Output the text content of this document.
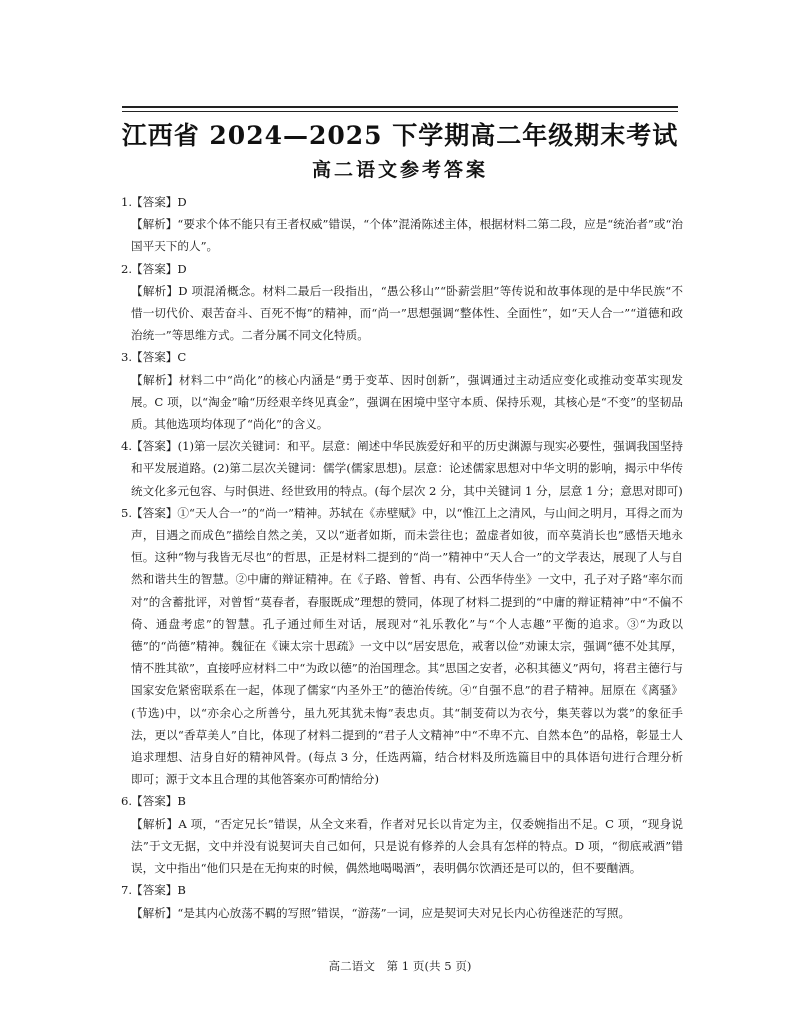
江西省 2024—2025 下学期高二年级期末考试
高二语文参考答案
1.
【答案】D
【解析】“要求个体不能只有王者权威”错误，“个体”混淆陈述主体，根据材料二第二段，应是“统治者”或“治国平天下的人”。
2.
【答案】D
【解析】D 项混淆概念。材料二最后一段指出，“愚公移山”“卧薪尝胆”等传说和故事体现的是中华民族“不惜一切代价、艰苦奋斗、百死不悔”的精神，而“尚一”思想强调“整体性、全面性”，如“天人合一”“道德和政治统一”等思维方式。二者分属不同文化特质。
3.
【答案】C
【解析】材料二中“尚化”的核心内涵是“勇于变革、因时创新”，强调通过主动适应变化或推动变革实现发展。C 项，以“淘金”喻“历经艰辛终见真金”，强调在困境中坚守本质、保持乐观，其核心是“不变”的坚韧品质。其他选项均体现了“尚化”的含义。
4.
【答案】(1)第一层次关键词：和平。层意：阐述中华民族爱好和平的历史渊源与现实必要性，强调我国坚持和平发展道路。(2)第二层次关键词：儒学(儒家思想)。层意：论述儒家思想对中华文明的影响，揭示中华传统文化多元包容、与时俱进、经世致用的特点。(每个层次 2 分，其中关键词 1 分，层意 1 分；意思对即可)
5.
【答案】①“天人合一”的“尚一”精神。苏轼在《赤壁赋》中，以“惟江上之清风，与山间之明月，耳得之而为声，目遇之而成色”描绘自然之美，又以“逝者如斯，而未尝往也；盈虚者如彼，而卒莫消长也”感悟天地永恒。这种“物与我皆无尽也”的哲思，正是材料二提到的“尚一”精神中“天人合一”的文学表达，展现了人与自然和谐共生的智慧。②中庸的辩证精神。在《子路、曾皙、冉有、公西华侍坐》一文中，孔子对子路“率尔而对”的含蓄批评，对曾皙“莫春者，春服既成”理想的赞同，体现了材料二提到的“中庸的辩证精神”中“不偏不倚、通盘考虑”的智慧。孔子通过师生对话，展现对“礼乐教化”与“个人志趣”平衡的追求。③“为政以德”的“尚德”精神。魏征在《谏太宗十思疏》一文中以“居安思危，戒奢以俭”劝谏太宗，强调“德不处其厚，情不胜其欲”，直接呼应材料二中“为政以德”的治国理念。其“思国之安者，必积其德义”两句，将君主德行与国家安危紧密联系在一起，体现了儒家“内圣外王”的德治传统。④“自强不息”的君子精神。屈原在《离骚》(节选)中，以“亦余心之所善兮，虽九死其犹未悔”表忠贞。其“制芰荷以为衣兮，集芙蓉以为裳”的象征手法，更以“香草美人”自比，体现了材料二提到的“君子人文精神”中“不卑不亢、自然本色”的品格，彰显士人追求理想、洁身自好的精神风骨。(每点 3 分，任选两篇，结合材料及所选篇目中的具体语句进行合理分析即可；源于文本且合理的其他答案亦可酌情给分)
6.
【答案】B
【解析】A 项，“否定兄长”错误，从全文来看，作者对兄长以肯定为主，仅委婉指出不足。C 项，“现身说法”于文无据，文中并没有说契诃夫自己如何，只是说有修养的人会具有怎样的特点。D 项，“彻底戒酒”错误，文中指出“他们只是在无拘束的时候，偶然地喝喝酒”，表明偶尔饮酒还是可以的，但不要酗酒。
7.
【答案】B
【解析】“是其内心放荡不羁的写照”错误，“游荡”一词，应是契诃夫对兄长内心彷徨迷茫的写照。
高二语文　第 1 页(共 5 页)
